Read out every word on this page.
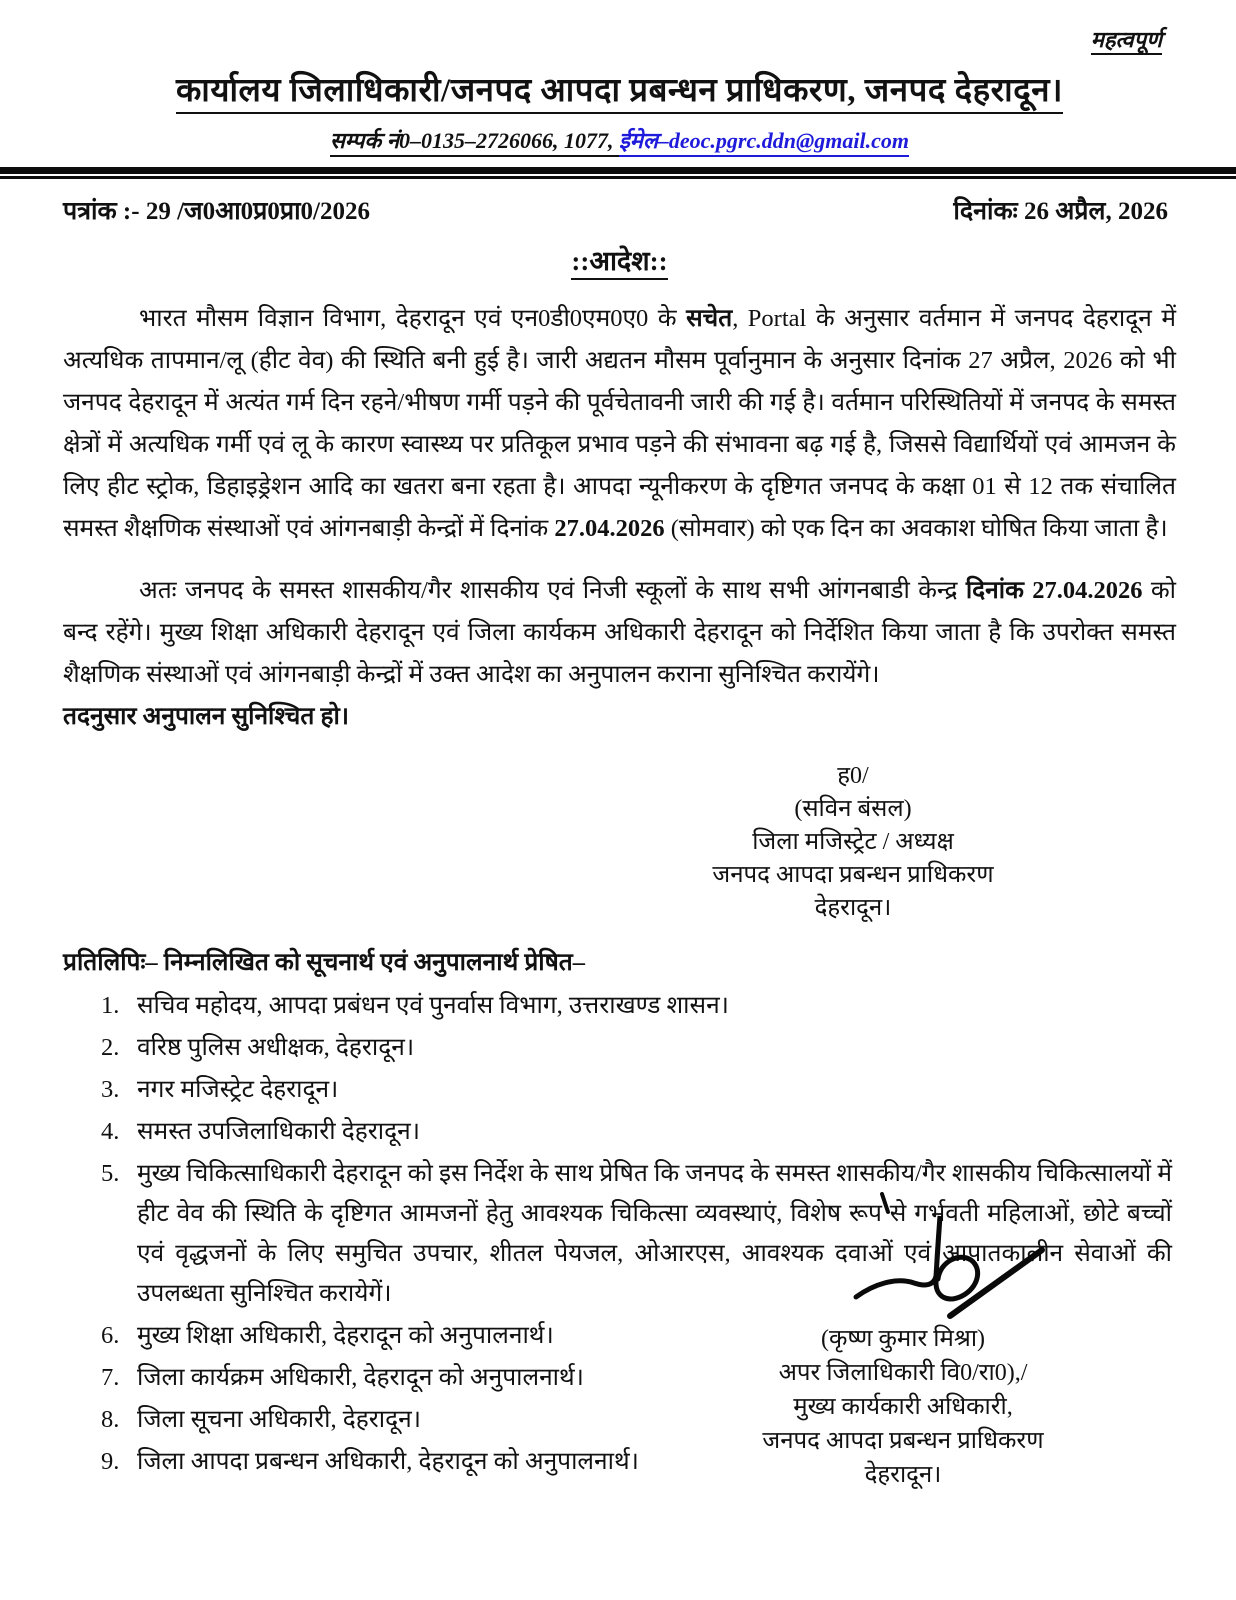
महत्वपूर्ण
कार्यालय जिलाधिकारी/जनपद आपदा प्रबन्धन प्राधिकरण, जनपद देहरादून।
सम्पर्क नं0–0135–2726066, 1077, ईमेल–deoc.pgrc.ddn@gmail.com
पत्रांक :- 29 /ज0आ0प्र0प्रा0/2026	दिनांकः 26 अप्रैल, 2026
::आदेश::
भारत मौसम विज्ञान विभाग, देहरादून एवं एन0डी0एम0ए0 के सचेत, Portal के अनुसार वर्तमान में जनपद देहरादून में अत्यधिक तापमान/लू (हीट वेव) की स्थिति बनी हुई है। जारी अद्यतन मौसम पूर्वानुमान के अनुसार दिनांक 27 अप्रैल, 2026 को भी जनपद देहरादून में अत्यंत गर्म दिन रहने/भीषण गर्मी पड़ने की पूर्वचेतावनी जारी की गई है। वर्तमान परिस्थितियों में जनपद के समस्त क्षेत्रों में अत्यधिक गर्मी एवं लू के कारण स्वास्थ्य पर प्रतिकूल प्रभाव पड़ने की संभावना बढ़ गई है, जिससे विद्यार्थियों एवं आमजन के लिए हीट स्ट्रोक, डिहाइड्रेशन आदि का खतरा बना रहता है। आपदा न्यूनीकरण के दृष्टिगत जनपद के कक्षा 01 से 12 तक संचालित समस्त शैक्षणिक संस्थाओं एवं आंगनबाड़ी केन्द्रों में दिनांक 27.04.2026 (सोमवार) को एक दिन का अवकाश घोषित किया जाता है।
अतः जनपद के समस्त शासकीय/गैर शासकीय एवं निजी स्कूलों के साथ सभी आंगनबाडी केन्द्र दिनांक 27.04.2026 को बन्द रहेंगे। मुख्य शिक्षा अधिकारी देहरादून एवं जिला कार्यकम अधिकारी देहरादून को निर्देशित किया जाता है कि उपरोक्त समस्त शैक्षणिक संस्थाओं एवं आंगनबाड़ी केन्द्रों में उक्त आदेश का अनुपालन कराना सुनिश्चित करायेंगे।
तदनुसार अनुपालन सुनिश्चित हो।
ह0/
(सविन बंसल)
जिला मजिस्ट्रेट / अध्यक्ष
जनपद आपदा प्रबन्धन प्राधिकरण
देहरादून।
प्रतिलिपिः– निम्नलिखित को सूचनार्थ एवं अनुपालनार्थ प्रेषित–
1. सचिव महोदय, आपदा प्रबंधन एवं पुनर्वास विभाग, उत्तराखण्ड शासन।
2. वरिष्ठ पुलिस अधीक्षक, देहरादून।
3. नगर मजिस्ट्रेट देहरादून।
4. समस्त उपजिलाधिकारी देहरादून।
5. मुख्य चिकित्साधिकारी देहरादून को इस निर्देश के साथ प्रेषित कि जनपद के समस्त शासकीय/गैर शासकीय चिकित्सालयों में हीट वेव की स्थिति के दृष्टिगत आमजनों हेतु आवश्यक चिकित्सा व्यवस्थाएं, विशेष रूप से गर्भवती महिलाओं, छोटे बच्चों एवं वृद्धजनों के लिए समुचित उपचार, शीतल पेयजल, ओआरएस, आवश्यक दवाओं एवं आपातकालीन सेवाओं की उपलब्धता सुनिश्चित करायेगें।
6. मुख्य शिक्षा अधिकारी, देहरादून को अनुपालनार्थ।
7. जिला कार्यक्रम अधिकारी, देहरादून को अनुपालनार्थ।
8. जिला सूचना अधिकारी, देहरादून।
9. जिला आपदा प्रबन्धन अधिकारी, देहरादून को अनुपालनार्थ।
(कृष्ण कुमार मिश्रा)
अपर जिलाधिकारी वि0/रा0),/
मुख्य कार्यकारी अधिकारी,
जनपद आपदा प्रबन्धन प्राधिकरण
देहरादून।
